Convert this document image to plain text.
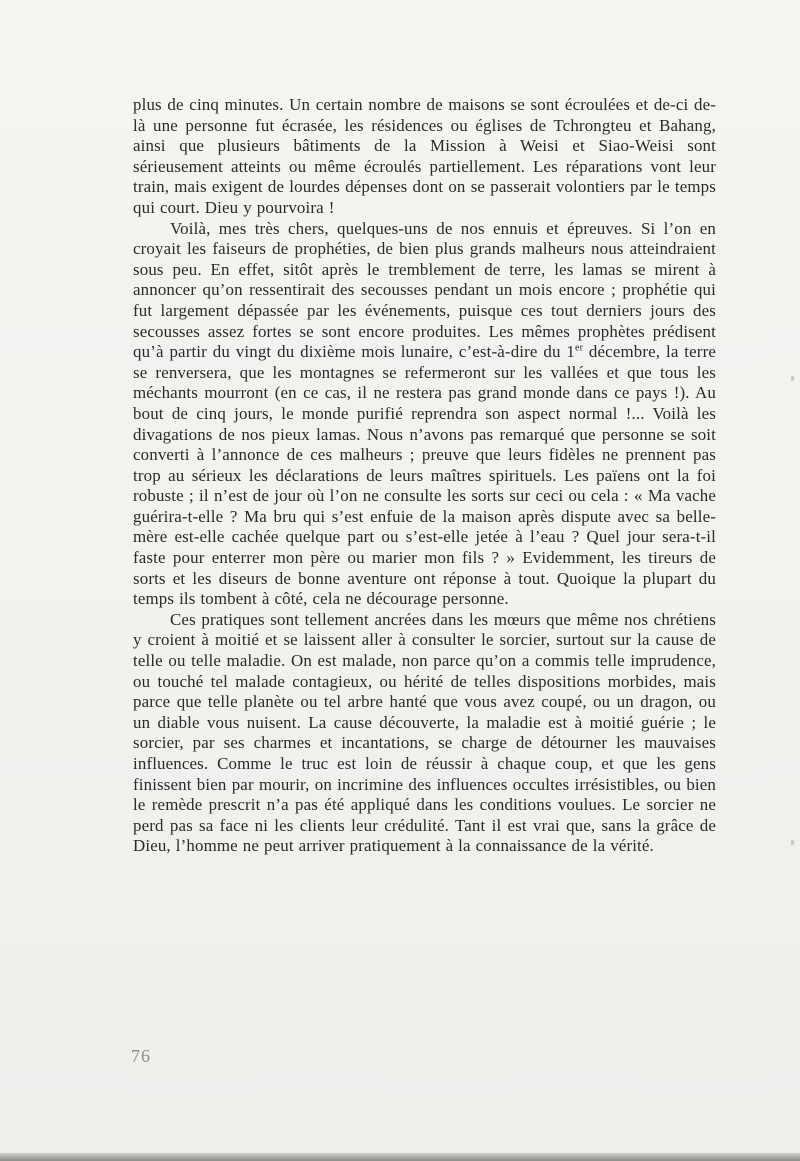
plus de cinq minutes. Un certain nombre de maisons se sont écroulées et de-ci de-là une personne fut écrasée, les résidences ou églises de Tchrongteu et Bahang, ainsi que plusieurs bâtiments de la Mission à Weisi et Siao-Weisi sont sérieusement atteints ou même écroulés partiellement. Les réparations vont leur train, mais exigent de lourdes dépenses dont on se passerait volontiers par le temps qui court. Dieu y pourvoira !

Voilà, mes très chers, quelques-uns de nos ennuis et épreuves. Si l’on en croyait les faiseurs de prophéties, de bien plus grands malheurs nous atteindraient sous peu. En effet, sitôt après le tremblement de terre, les lamas se mirent à annoncer qu’on ressentirait des secousses pendant un mois encore ; prophétie qui fut largement dépassée par les événements, puisque ces tout derniers jours des secousses assez fortes se sont encore produites. Les mêmes prophètes prédisent qu’à partir du vingt du dixième mois lunaire, c’est-à-dire du 1er décembre, la terre se renversera, que les montagnes se refermeront sur les vallées et que tous les méchants mourront (en ce cas, il ne restera pas grand monde dans ce pays !). Au bout de cinq jours, le monde purifié reprendra son aspect normal !... Voilà les divagations de nos pieux lamas. Nous n’avons pas remarqué que personne se soit converti à l’annonce de ces malheurs ; preuve que leurs fidèles ne prennent pas trop au sérieux les déclarations de leurs maîtres spirituels. Les païens ont la foi robuste ; il n’est de jour où l’on ne consulte les sorts sur ceci ou cela : « Ma vache guérira-t-elle ? Ma bru qui s’est enfuie de la maison après dispute avec sa belle-mère est-elle cachée quelque part ou s’est-elle jetée à l’eau ? Quel jour sera-t-il faste pour enterrer mon père ou marier mon fils ? » Evidemment, les tireurs de sorts et les diseurs de bonne aventure ont réponse à tout. Quoique la plupart du temps ils tombent à côté, cela ne décourage personne.

Ces pratiques sont tellement ancrées dans les mœurs que même nos chrétiens y croient à moitié et se laissent aller à consulter le sorcier, surtout sur la cause de telle ou telle maladie. On est malade, non parce qu’on a commis telle imprudence, ou touché tel malade contagieux, ou hérité de telles dispositions morbides, mais parce que telle planète ou tel arbre hanté que vous avez coupé, ou un dragon, ou un diable vous nuisent. La cause découverte, la maladie est à moitié guérie ; le sorcier, par ses charmes et incantations, se charge de détourner les mauvaises influences. Comme le truc est loin de réussir à chaque coup, et que les gens finissent bien par mourir, on incrimine des influences occultes irrésistibles, ou bien le remède prescrit n’a pas été appliqué dans les conditions voulues. Le sorcier ne perd pas sa face ni les clients leur crédulité. Tant il est vrai que, sans la grâce de Dieu, l’homme ne peut arriver pratiquement à la connaissance de la vérité.

76
